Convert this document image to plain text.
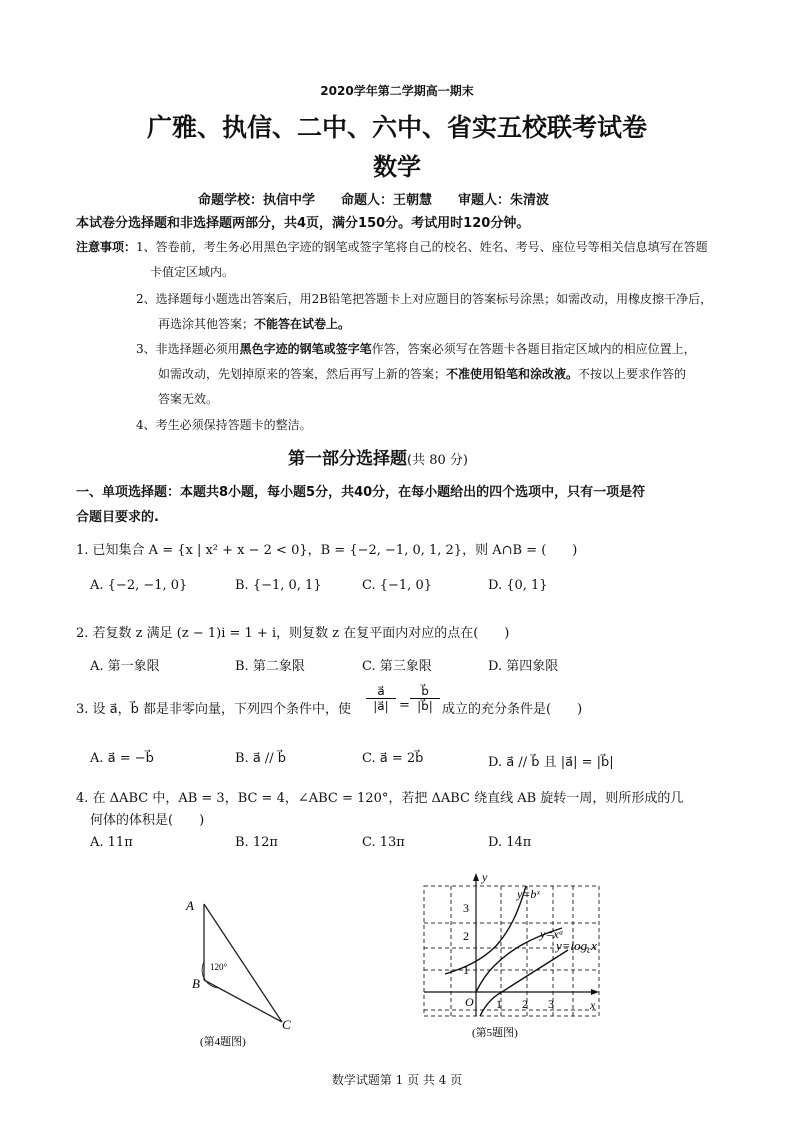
2020学年第二学期高一期末
广雅、执信、二中、六中、省实五校联考试卷
数学
命题学校：执信中学　　命题人：王朝慧　　审题人：朱清波
本试卷分选择题和非选择题两部分，共4页，满分150分。考试用时120分钟。
注意事项： 1、答卷前，考生务必用黑色字迹的钢笔或签字笔将自己的校名、姓名、考号、座位号等相关信息填写在答题
卡值定区域内。
2、选择题每小题选出答案后，用2B铅笔把答题卡上对应题目的答案标号涂黑；如需改动，用橡皮擦干净后，
再选涂其他答案；不能答在试卷上。
3、非选择题必须用黑色字迹的钢笔或签字笔作答，答案必须写在答题卡各题目指定区域内的相应位置上，
如需改动，先划掉原来的答案，然后再写上新的答案；不准使用铅笔和涂改液。不按以上要求作答的
答案无效。
4、考生必须保持答题卡的整洁。
第一部分选择题(共 80 分)
一、单项选择题：本题共8小题，每小题5分，共40分，在每小题给出的四个选项中，只有一项是符
合题目要求的.
1. 已知集合 A = {x | x² + x − 2 < 0}，B = {−2, −1, 0, 1, 2}，则 A∩B = (　　)
A. {−2, −1, 0}	B. {−1, 0, 1}	C. {−1, 0}	D. {0, 1}
2. 若复数 z 满足 (z − 1)i = 1 + i，则复数 z 在复平面内对应的点在(　　)
A. 第一象限	B. 第二象限	C. 第三象限	D. 第四象限
3. 设 a⃗，b⃗ 都是非零向量，下列四个条件中，使 $\frac{a⃗}{|a⃗|} = \frac{b⃗}{|b⃗|}$ 成立的充分条件是(　　)
A. a⃗ = −b⃗	B. a⃗ // b⃗	C. a⃗ = 2b⃗	D. a⃗ // b⃗ 且 |a⃗| = |b⃗|
4. 在 ΔABC 中，AB = 3，BC = 4，∠ABC = 120°，若把 ΔABC 绕直线 AB 旋转一周，则所形成的几
何体的体积是(　　)
A. 11π	B. 12π	C. 13π	D. 14π
A
B
C
120°
(第4题图)
y
x
O 1 2 3
1
2
3
y=bˣ
y=xᵃ
$y=\log_cx$
(第5题图)
数学试题第 1 页 共 4 页
